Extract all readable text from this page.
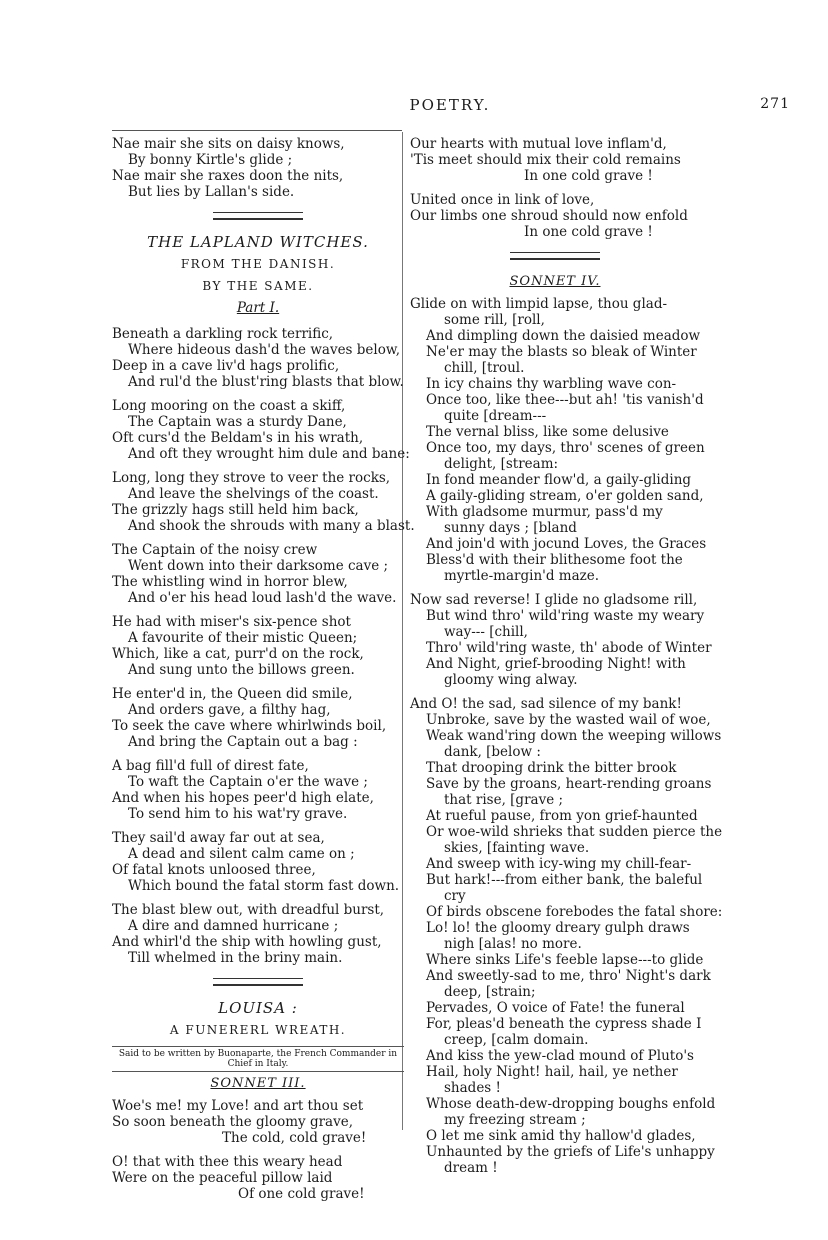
POETRY.	271
Nae mair she sits on daisy knows,
By bonny Kirtle's glide ;
Nae mair she raxes doon the nits,
But lies by Lallan's side.
THE LAPLAND WITCHES.
FROM THE DANISH.
BY THE SAME.
Part I.
Beneath a darkling rock terrific,
Where hideous dash'd the waves below,
Deep in a cave liv'd hags prolific,
And rul'd the blust'ring blasts that blow.
Long mooring on the coast a skiff,
The Captain was a sturdy Dane,
Oft curs'd the Beldam's in his wrath,
And oft they wrought him dule and bane:
Long, long they strove to veer the rocks,
And leave the shelvings of the coast.
The grizzly hags still held him back,
And shook the shrouds with many a blast.
The Captain of the noisy crew
Went down into their darksome cave ;
The whistling wind in horror blew,
And o'er his head loud lash'd the wave.
He had with miser's six-pence shot
A favourite of their mistic Queen;
Which, like a cat, purr'd on the rock,
And sung unto the billows green.
He enter'd in, the Queen did smile,
And orders gave, a filthy hag,
To seek the cave where whirlwinds boil,
And bring the Captain out a bag :
A bag fill'd full of direst fate,
To waft the Captain o'er the wave ;
And when his hopes peer'd high elate,
To send him to his wat'ry grave.
They sail'd away far out at sea,
A dead and silent calm came on ;
Of fatal knots unloosed three,
Which bound the fatal storm fast down.
The blast blew out, with dreadful burst,
A dire and damned hurricane ;
And whirl'd the ship with howling gust,
Till whelmed in the briny main.
LOUISA :
A FUNERERL WREATH.
Said to be written by Buonaparte, the French Commander in Chief in Italy.
SONNET III.
Woe's me! my Love! and art thou set
So soon beneath the gloomy grave,
The cold, cold grave!
O! that with thee this weary head
Were on the peaceful pillow laid
Of one cold grave!
Our hearts with mutual love inflam'd,
'Tis meet should mix their cold remains
In one cold grave !
United once in link of love,
Our limbs one shroud should now enfold
In one cold grave !
SONNET IV.
Glide on with limpid lapse, thou glad-
some rill, [roll,
And dimpling down the daisied meadow
Ne'er may the blasts so bleak of Winter
chill, [troul.
In icy chains thy warbling wave con-
Once too, like thee---but ah! 'tis vanish'd
quite [dream---
The vernal bliss, like some delusive
Once too, my days, thro' scenes of green
delight, [stream:
In fond meander flow'd, a gaily-gliding
A gaily-gliding stream, o'er golden sand,
With gladsome murmur, pass'd my
sunny days ; [bland
And join'd with jocund Loves, the Graces
Bless'd with their blithesome foot the
myrtle-margin'd maze.
Now sad reverse! I glide no gladsome rill,
But wind thro' wild'ring waste my weary
way--- [chill,
Thro' wild'ring waste, th' abode of Winter
And Night, grief-brooding Night! with
gloomy wing alway.
And O! the sad, sad silence of my bank!
Unbroke, save by the wasted wail of woe,
Weak wand'ring down the weeping willows
dank, [below :
That drooping drink the bitter brook
Save by the groans, heart-rending groans
that rise, [grave ;
At rueful pause, from yon grief-haunted
Or woe-wild shrieks that sudden pierce the
skies, [fainting wave.
And sweep with icy-wing my chill-fear-
But hark!---from either bank, the baleful
cry
Of birds obscene forebodes the fatal shore:
Lo! lo! the gloomy dreary gulph draws
nigh [alas! no more.
Where sinks Life's feeble lapse---to glide
And sweetly-sad to me, thro' Night's dark
deep, [strain;
Pervades, O voice of Fate! the funeral
For, pleas'd beneath the cypress shade I
creep, [calm domain.
And kiss the yew-clad mound of Pluto's
Hail, holy Night! hail, hail, ye nether
shades !
Whose death-dew-dropping boughs enfold
my freezing stream ;
O let me sink amid thy hallow'd glades,
Unhaunted by the griefs of Life's unhappy
dream !
